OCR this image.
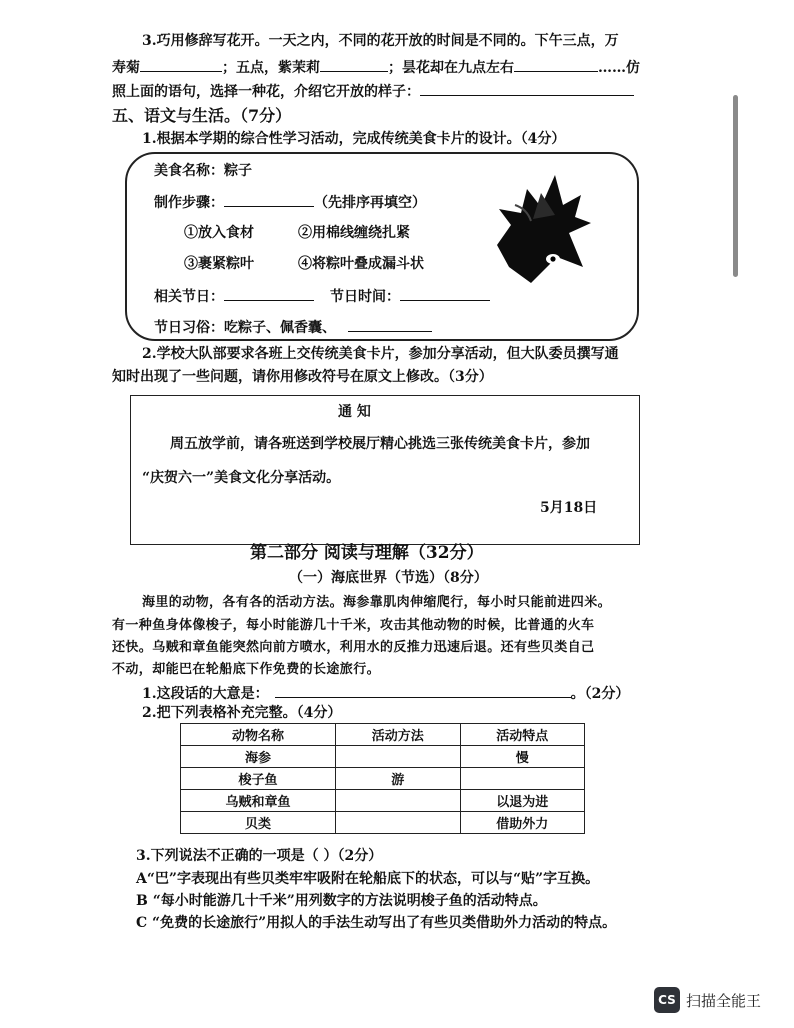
3.巧用修辞写花开。一天之内，不同的花开放的时间是不同的。下午三点，万
寿菊	；五点，紫茉莉	；昙花却在九点左右	……仿
照上面的语句，选择一种花，介绍它开放的样子：
五、语文与生活。（7分）
1.根据本学期的综合性学习活动，完成传统美食卡片的设计。（4分）
美食名称：粽子
制作步骤：	（先排序再填空）
①放入食材	②用棉线缠绕扎紧
③裹紧粽叶	④将粽叶叠成漏斗状
相关节日：	节日时间：
节日习俗：吃粽子、佩香囊、
2.学校大队部要求各班上交传统美食卡片，参加分享活动，但大队委员撰写通
知时出现了一些问题，请你用修改符号在原文上修改。（3分）
通 知
周五放学前，请各班送到学校展厅精心挑选三张传统美食卡片，参加
“庆贺六一”美食文化分享活动。
5月18日
第二部分 阅读与理解（32分）
（一）海底世界（节选）（8分）
海里的动物，各有各的活动方法。海参靠肌肉伸缩爬行，每小时只能前进四米。
有一种鱼身体像梭子，每小时能游几十千米，攻击其他动物的时候，比普通的火车
还快。乌贼和章鱼能突然向前方喷水，利用水的反推力迅速后退。还有些贝类自己
不动，却能巴在轮船底下作免费的长途旅行。
1.这段话的大意是：	。（2分）
2.把下列表格补充完整。（4分）
动物名称	活动方法	活动特点
海参		慢
梭子鱼	游	
乌贼和章鱼		以退为进
贝类		借助外力
3.下列说法不正确的一项是（ ）（2分）
A“巴”字表现出有些贝类牢牢吸附在轮船底下的状态，可以与“贴”字互换。
B “每小时能游几十千米”用列数字的方法说明梭子鱼的活动特点。
C “免费的长途旅行”用拟人的手法生动写出了有些贝类借助外力活动的特点。
CS 扫描全能王
